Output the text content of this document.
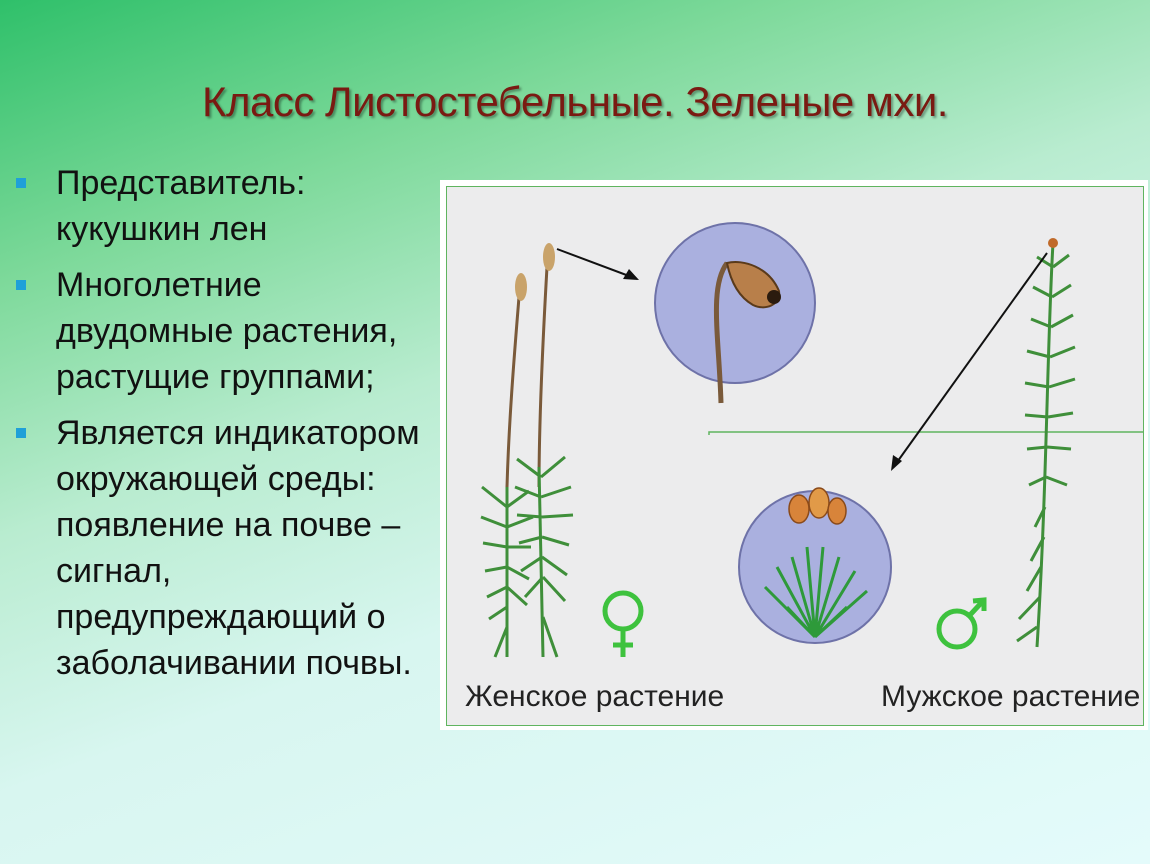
Класс Листостебельные. Зеленые мхи.
Представитель: кукушкин лен
Многолетние двудомные растения, растущие группами;
Является индикатором окружающей среды: появление на почве – сигнал, предупреждающий о заболачивании почвы.
Женское растение	Мужское растение
